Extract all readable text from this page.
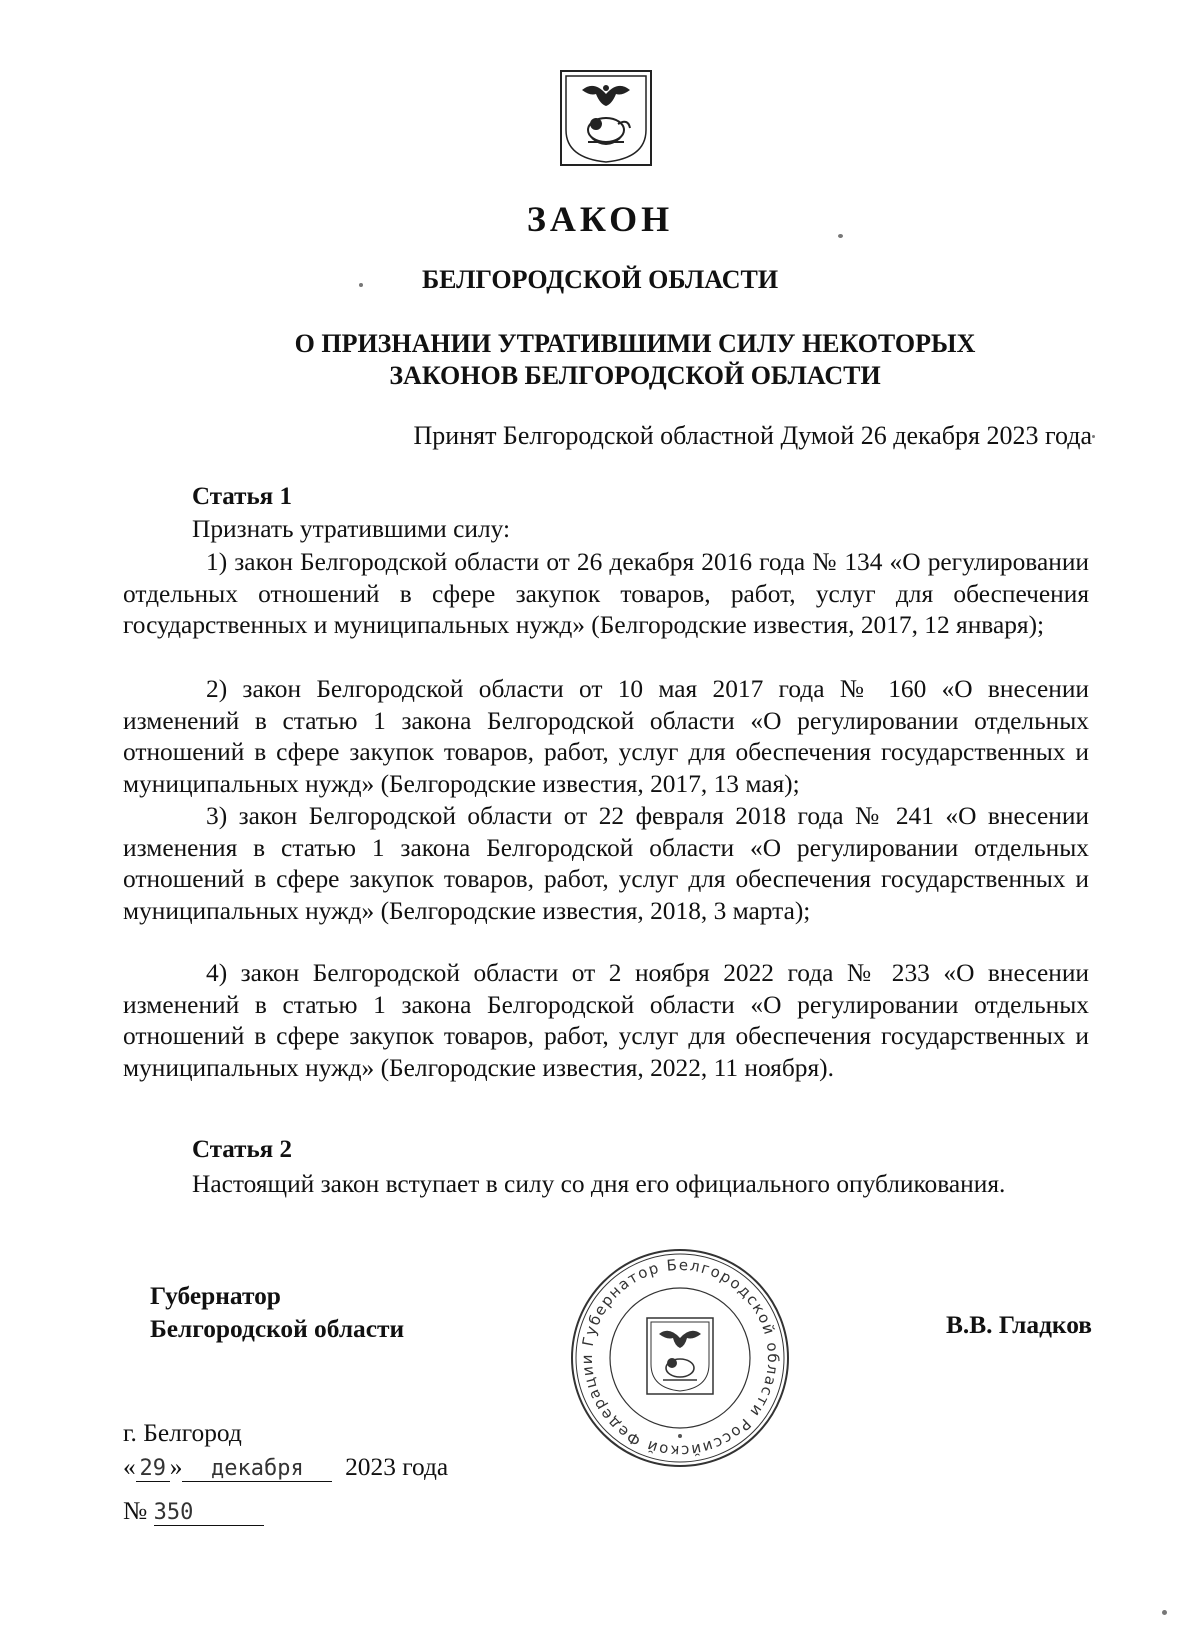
ЗАКОН
БЕЛГОРОДСКОЙ ОБЛАСТИ
О ПРИЗНАНИИ УТРАТИВШИМИ СИЛУ НЕКОТОРЫХ
ЗАКОНОВ БЕЛГОРОДСКОЙ ОБЛАСТИ
Принят Белгородской областной Думой 26 декабря 2023 года
Статья 1
Признать утратившими силу:
1) закон Белгородской области от 26 декабря 2016 года № 134 «О регулировании отдельных отношений в сфере закупок товаров, работ, услуг для обеспечения государственных и муниципальных нужд» (Белгородские известия, 2017, 12 января);
2) закон Белгородской области от 10 мая 2017 года № 160 «О внесении изменений в статью 1 закона Белгородской области «О регулировании отдельных отношений в сфере закупок товаров, работ, услуг для обеспечения государственных и муниципальных нужд» (Белгородские известия, 2017, 13 мая);
3) закон Белгородской области от 22 февраля 2018 года № 241 «О внесении изменения в статью 1 закона Белгородской области «О регулировании отдельных отношений в сфере закупок товаров, работ, услуг для обеспечения государственных и муниципальных нужд» (Белгородские известия, 2018, 3 марта);
4) закон Белгородской области от 2 ноября 2022 года № 233 «О внесении изменений в статью 1 закона Белгородской области «О регулировании отдельных отношений в сфере закупок товаров, работ, услуг для обеспечения государственных и муниципальных нужд» (Белгородские известия, 2022, 11 ноября).
Статья 2
Настоящий закон вступает в силу со дня его официального опубликования.
Губернатор
Белгородской области	В.В. Гладков
Губернатор Белгородской области Российской Федерации
г. Белгород
« 29 » декабря 2023 года
№ 350
